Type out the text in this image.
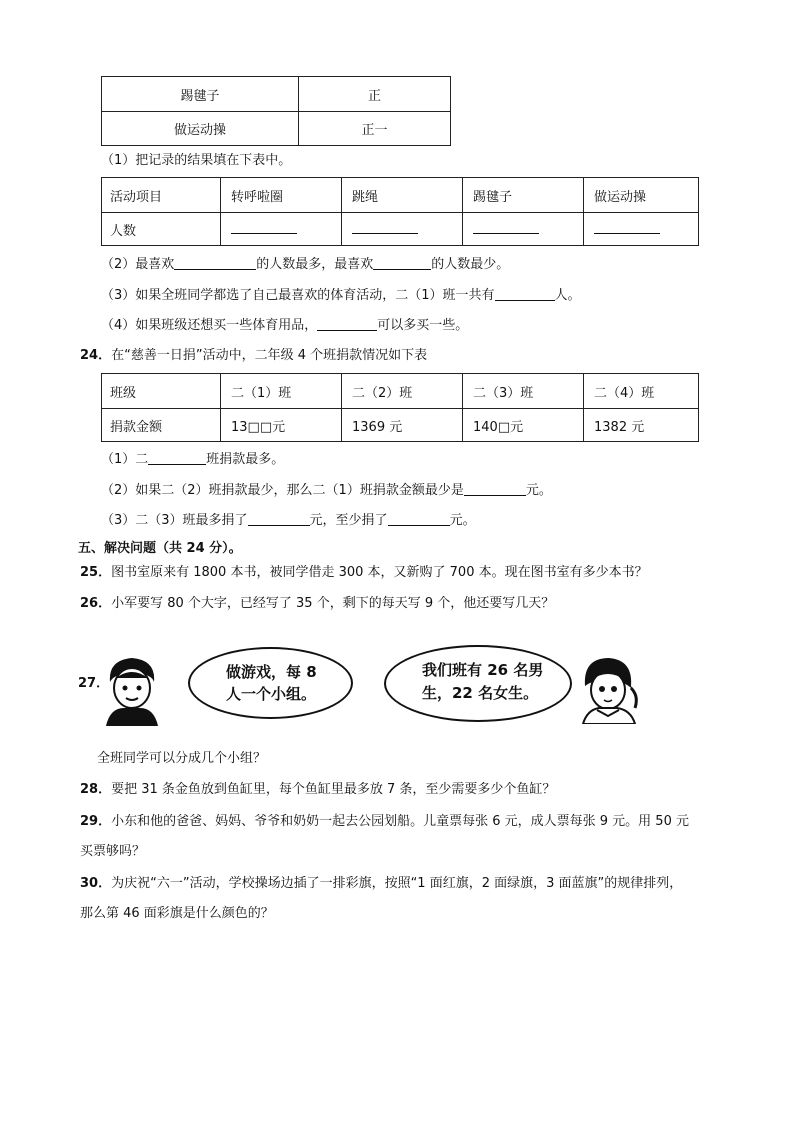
踢毽子	正
做运动操	正一
（1）把记录的结果填在下表中。
活动项目	转呼啦圈	跳绳	踢毽子	做运动操
人数				
（2）最喜欢	的人数最多，最喜欢	的人数最少。
（3）如果全班同学都选了自己最喜欢的体育活动，二（1）班一共有	人。
（4）如果班级还想买一些体育用品，	可以多买一些。
24．在“慈善一日捐”活动中，二年级 4 个班捐款情况如下表
班级	二（1）班	二（2）班	二（3）班	二（4）班
捐款金额	13□□元	1369 元	140□元	1382 元
（1）二	班捐款最多。
（2）如果二（2）班捐款最少，那么二（1）班捐款金额最少是	元。
（3）二（3）班最多捐了	元，至少捐了	元。
五、解决问题（共 24 分）。
25．图书室原来有 1800 本书，被同学借走 300 本，又新购了 700 本。现在图书室有多少本书？
26．小军要写 80 个大字，已经写了 35 个，剩下的每天写 9 个，他还要写几天？
27．
做游戏，每 8
人一个小组。
我们班有 26 名男
生，22 名女生。
全班同学可以分成几个小组？
28．要把 31 条金鱼放到鱼缸里，每个鱼缸里最多放 7 条，至少需要多少个鱼缸？
29．小东和他的爸爸、妈妈、爷爷和奶奶一起去公园划船。儿童票每张 6 元，成人票每张 9 元。用 50 元
买票够吗？
30．为庆祝“六一”活动，学校操场边插了一排彩旗，按照“1 面红旗，2 面绿旗，3 面蓝旗”的规律排列，
那么第 46 面彩旗是什么颜色的？
